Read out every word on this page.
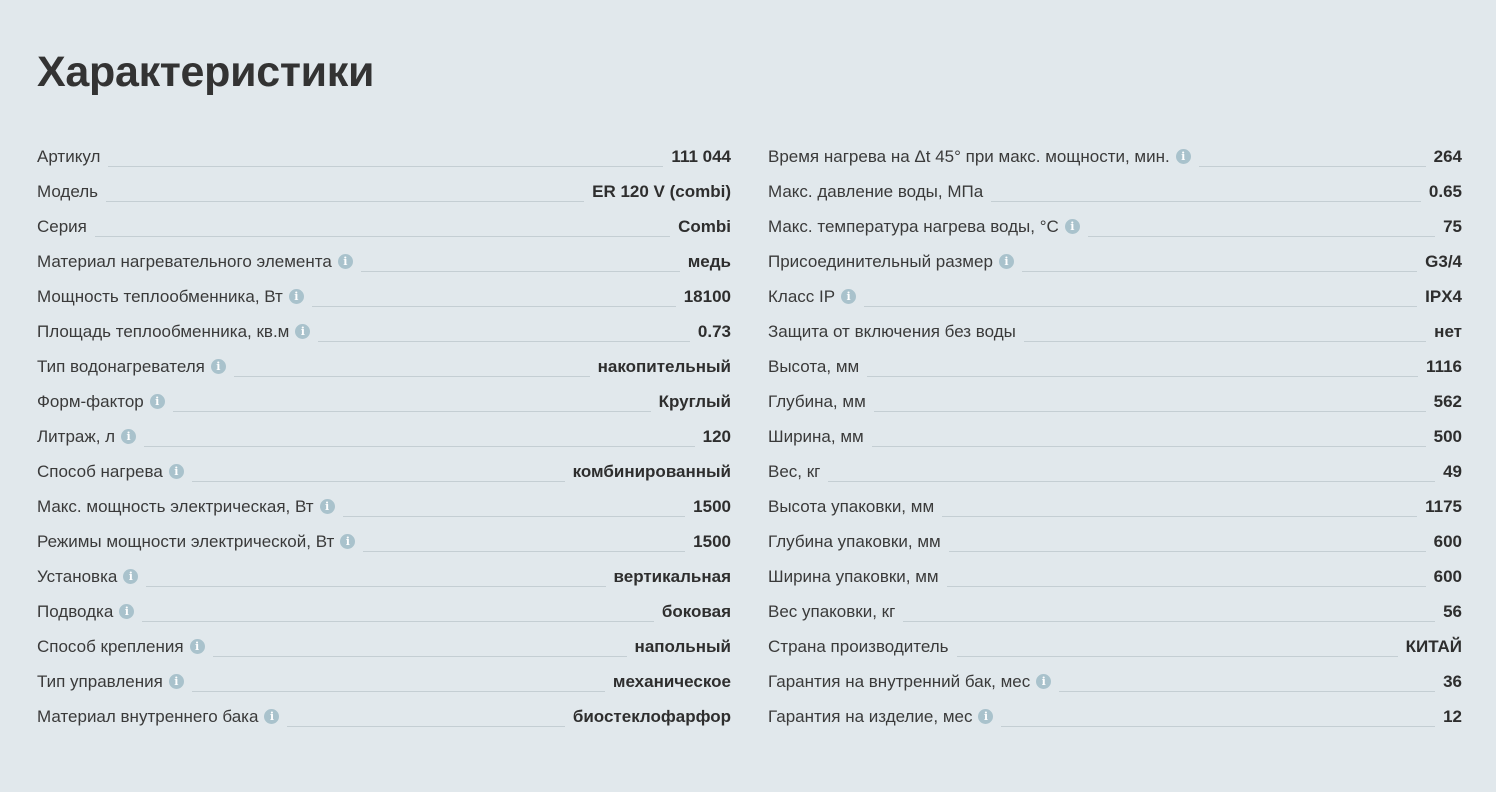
Характеристики
Артикул	111 044
Модель	ER 120 V (combi)
Серия	Combi
Материал нагревательного элемента	i	медь
Мощность теплообменника, Вт	i	18100
Площадь теплообменника, кв.м	i	0.73
Тип водонагревателя	i	накопительный
Форм-фактор	i	Круглый
Литраж, л	i	120
Способ нагрева	i	комбинированный
Макс. мощность электрическая, Вт	i	1500
Режимы мощности электрической, Вт	i	1500
Установка	i	вертикальная
Подводка	i	боковая
Способ крепления	i	напольный
Тип управления	i	механическое
Материал внутреннего бака	i	биостеклофарфор
Время нагрева на Δt 45° при макс. мощности, мин.	i	264
Макс. давление воды, МПа	0.65
Макс. температура нагрева воды, °С	i	75
Присоединительный размер	i	G3/4
Класс IP	i	IPX4
Защита от включения без воды	нет
Высота, мм	1116
Глубина, мм	562
Ширина, мм	500
Вес, кг	49
Высота упаковки, мм	1175
Глубина упаковки, мм	600
Ширина упаковки, мм	600
Вес упаковки, кг	56
Страна производитель	КИТАЙ
Гарантия на внутренний бак, мес	i	36
Гарантия на изделие, мес	i	12
